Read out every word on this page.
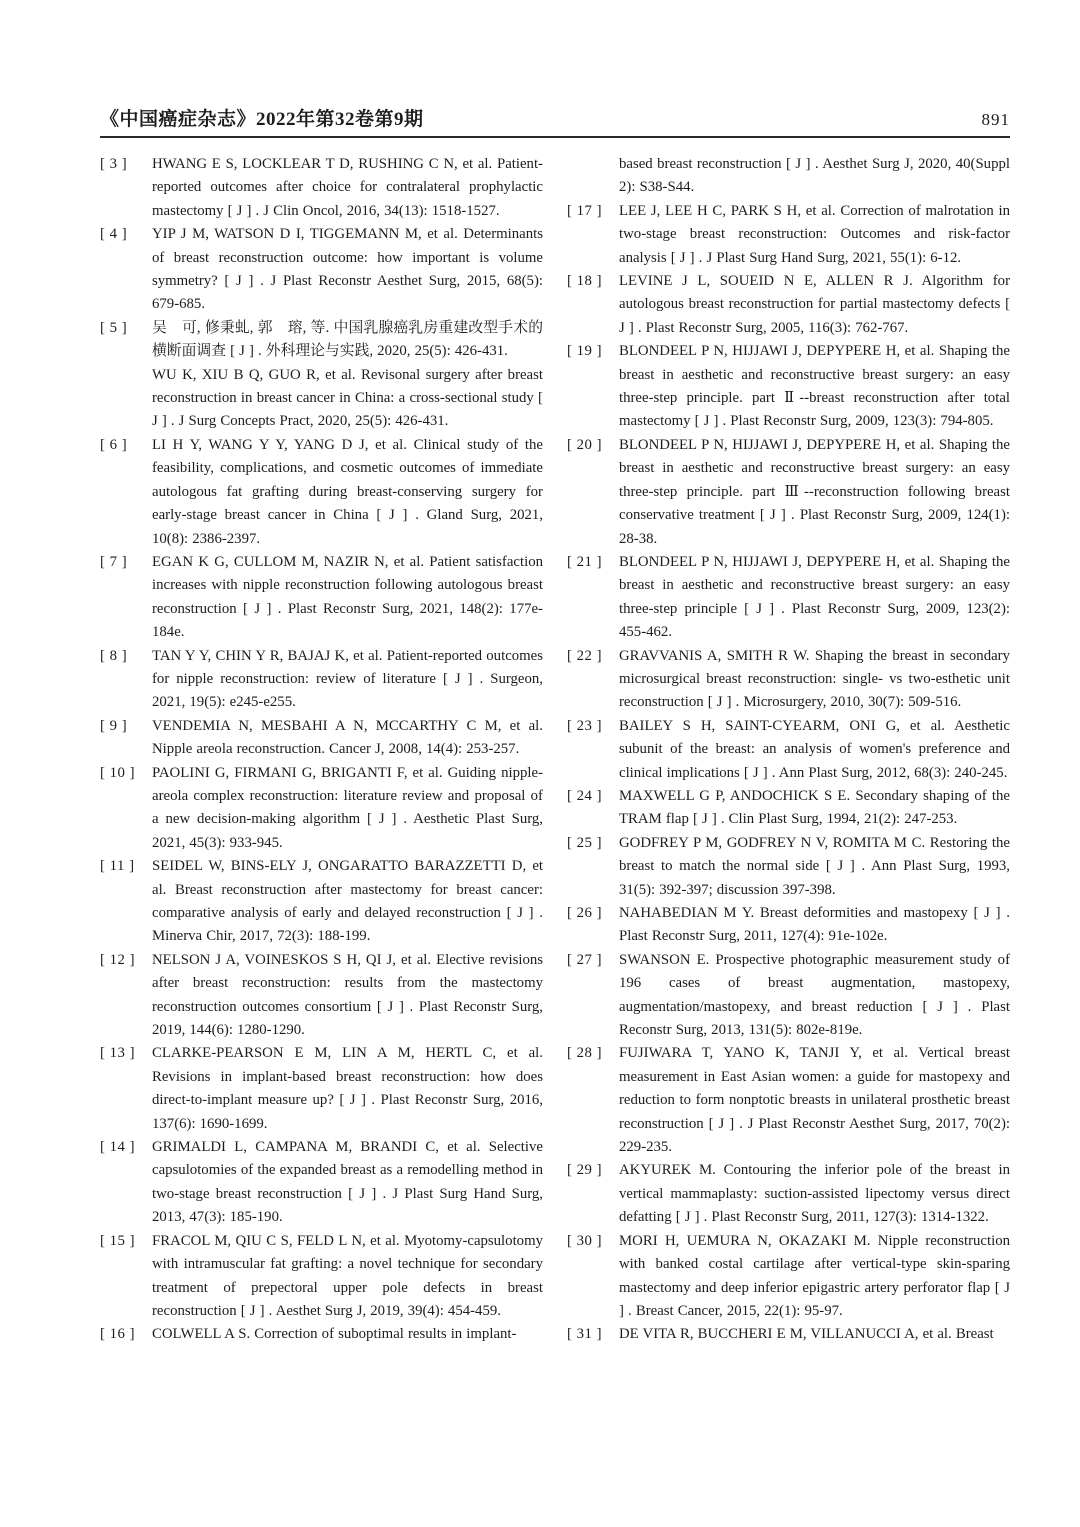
《中国癌症杂志》2022年第32卷第9期	891
[ 3 ]	HWANG E S, LOCKLEAR T D, RUSHING C N, et al. Patient-reported outcomes after choice for contralateral prophylactic mastectomy [ J ] . J Clin Oncol, 2016, 34(13): 1518-1527.
[ 4 ]	YIP J M, WATSON D I, TIGGEMANN M, et al. Determinants of breast reconstruction outcome: how important is volume symmetry? [ J ] . J Plast Reconstr Aesthet Surg, 2015, 68(5): 679-685.
[ 5 ]	吴　可, 修秉虬, 郭　瑢, 等. 中国乳腺癌乳房重建改型手术的横断面调查 [ J ] . 外科理论与实践, 2020, 25(5): 426-431.
WU K, XIU B Q, GUO R, et al. Revisonal surgery after breast reconstruction in breast cancer in China: a cross-sectional study [ J ] . J Surg Concepts Pract, 2020, 25(5): 426-431.
[ 6 ]	LI H Y, WANG Y Y, YANG D J, et al. Clinical study of the feasibility, complications, and cosmetic outcomes of immediate autologous fat grafting during breast-conserving surgery for early-stage breast cancer in China [ J ] . Gland Surg, 2021, 10(8): 2386-2397.
[ 7 ]	EGAN K G, CULLOM M, NAZIR N, et al. Patient satisfaction increases with nipple reconstruction following autologous breast reconstruction [ J ] . Plast Reconstr Surg, 2021, 148(2): 177e-184e.
[ 8 ]	TAN Y Y, CHIN Y R, BAJAJ K, et al. Patient-reported outcomes for nipple reconstruction: review of literature [ J ] . Surgeon, 2021, 19(5): e245-e255.
[ 9 ]	VENDEMIA N, MESBAHI A N, MCCARTHY C M, et al. Nipple areola reconstruction. Cancer J, 2008, 14(4): 253-257.
[ 10 ]	PAOLINI G, FIRMANI G, BRIGANTI F, et al. Guiding nipple-areola complex reconstruction: literature review and proposal of a new decision-making algorithm [ J ] . Aesthetic Plast Surg, 2021, 45(3): 933-945.
[ 11 ]	SEIDEL W, BINS-ELY J, ONGARATTO BARAZZETTI D, et al. Breast reconstruction after mastectomy for breast cancer: comparative analysis of early and delayed reconstruction [ J ] . Minerva Chir, 2017, 72(3): 188-199.
[ 12 ]	NELSON J A, VOINESKOS S H, QI J, et al. Elective revisions after breast reconstruction: results from the mastectomy reconstruction outcomes consortium [ J ] . Plast Reconstr Surg, 2019, 144(6): 1280-1290.
[ 13 ]	CLARKE-PEARSON E M, LIN A M, HERTL C, et al. Revisions in implant-based breast reconstruction: how does direct-to-implant measure up? [ J ] . Plast Reconstr Surg, 2016, 137(6): 1690-1699.
[ 14 ]	GRIMALDI L, CAMPANA M, BRANDI C, et al. Selective capsulotomies of the expanded breast as a remodelling method in two-stage breast reconstruction [ J ] . J Plast Surg Hand Surg, 2013, 47(3): 185-190.
[ 15 ]	FRACOL M, QIU C S, FELD L N, et al. Myotomy-capsulotomy with intramuscular fat grafting: a novel technique for secondary treatment of prepectoral upper pole defects in breast reconstruction [ J ] . Aesthet Surg J, 2019, 39(4): 454-459.
[ 16 ]	COLWELL A S. Correction of suboptimal results in implant-
based breast reconstruction [ J ] . Aesthet Surg J, 2020, 40(Suppl 2): S38-S44.
[ 17 ]	LEE J, LEE H C, PARK S H, et al. Correction of malrotation in two-stage breast reconstruction: Outcomes and risk-factor analysis [ J ] . J Plast Surg Hand Surg, 2021, 55(1): 6-12.
[ 18 ]	LEVINE J L, SOUEID N E, ALLEN R J. Algorithm for autologous breast reconstruction for partial mastectomy defects [ J ] . Plast Reconstr Surg, 2005, 116(3): 762-767.
[ 19 ]	BLONDEEL P N, HIJJAWI J, DEPYPERE H, et al. Shaping the breast in aesthetic and reconstructive breast surgery: an easy three-step principle. part Ⅱ--breast reconstruction after total mastectomy [ J ] . Plast Reconstr Surg, 2009, 123(3): 794-805.
[ 20 ]	BLONDEEL P N, HIJJAWI J, DEPYPERE H, et al. Shaping the breast in aesthetic and reconstructive breast surgery: an easy three-step principle. part Ⅲ--reconstruction following breast conservative treatment [ J ] . Plast Reconstr Surg, 2009, 124(1): 28-38.
[ 21 ]	BLONDEEL P N, HIJJAWI J, DEPYPERE H, et al. Shaping the breast in aesthetic and reconstructive breast surgery: an easy three-step principle [ J ] . Plast Reconstr Surg, 2009, 123(2): 455-462.
[ 22 ]	GRAVVANIS A, SMITH R W. Shaping the breast in secondary microsurgical breast reconstruction: single- vs two-esthetic unit reconstruction [ J ] . Microsurgery, 2010, 30(7): 509-516.
[ 23 ]	BAILEY S H, SAINT-CYEARM, ONI G, et al. Aesthetic subunit of the breast: an analysis of women's preference and clinical implications [ J ] . Ann Plast Surg, 2012, 68(3): 240-245.
[ 24 ]	MAXWELL G P, ANDOCHICK S E. Secondary shaping of the TRAM flap [ J ] . Clin Plast Surg, 1994, 21(2): 247-253.
[ 25 ]	GODFREY P M, GODFREY N V, ROMITA M C. Restoring the breast to match the normal side [ J ] . Ann Plast Surg, 1993, 31(5): 392-397; discussion 397-398.
[ 26 ]	NAHABEDIAN M Y. Breast deformities and mastopexy [ J ] . Plast Reconstr Surg, 2011, 127(4): 91e-102e.
[ 27 ]	SWANSON E. Prospective photographic measurement study of 196 cases of breast augmentation, mastopexy, augmentation/mastopexy, and breast reduction [ J ] . Plast Reconstr Surg, 2013, 131(5): 802e-819e.
[ 28 ]	FUJIWARA T, YANO K, TANJI Y, et al. Vertical breast measurement in East Asian women: a guide for mastopexy and reduction to form nonptotic breasts in unilateral prosthetic breast reconstruction [ J ] . J Plast Reconstr Aesthet Surg, 2017, 70(2): 229-235.
[ 29 ]	AKYUREK M. Contouring the inferior pole of the breast in vertical mammaplasty: suction-assisted lipectomy versus direct defatting [ J ] . Plast Reconstr Surg, 2011, 127(3): 1314-1322.
[ 30 ]	MORI H, UEMURA N, OKAZAKI M. Nipple reconstruction with banked costal cartilage after vertical-type skin-sparing mastectomy and deep inferior epigastric artery perforator flap [ J ] . Breast Cancer, 2015, 22(1): 95-97.
[ 31 ]	DE VITA R, BUCCHERI E M, VILLANUCCI A, et al. Breast
